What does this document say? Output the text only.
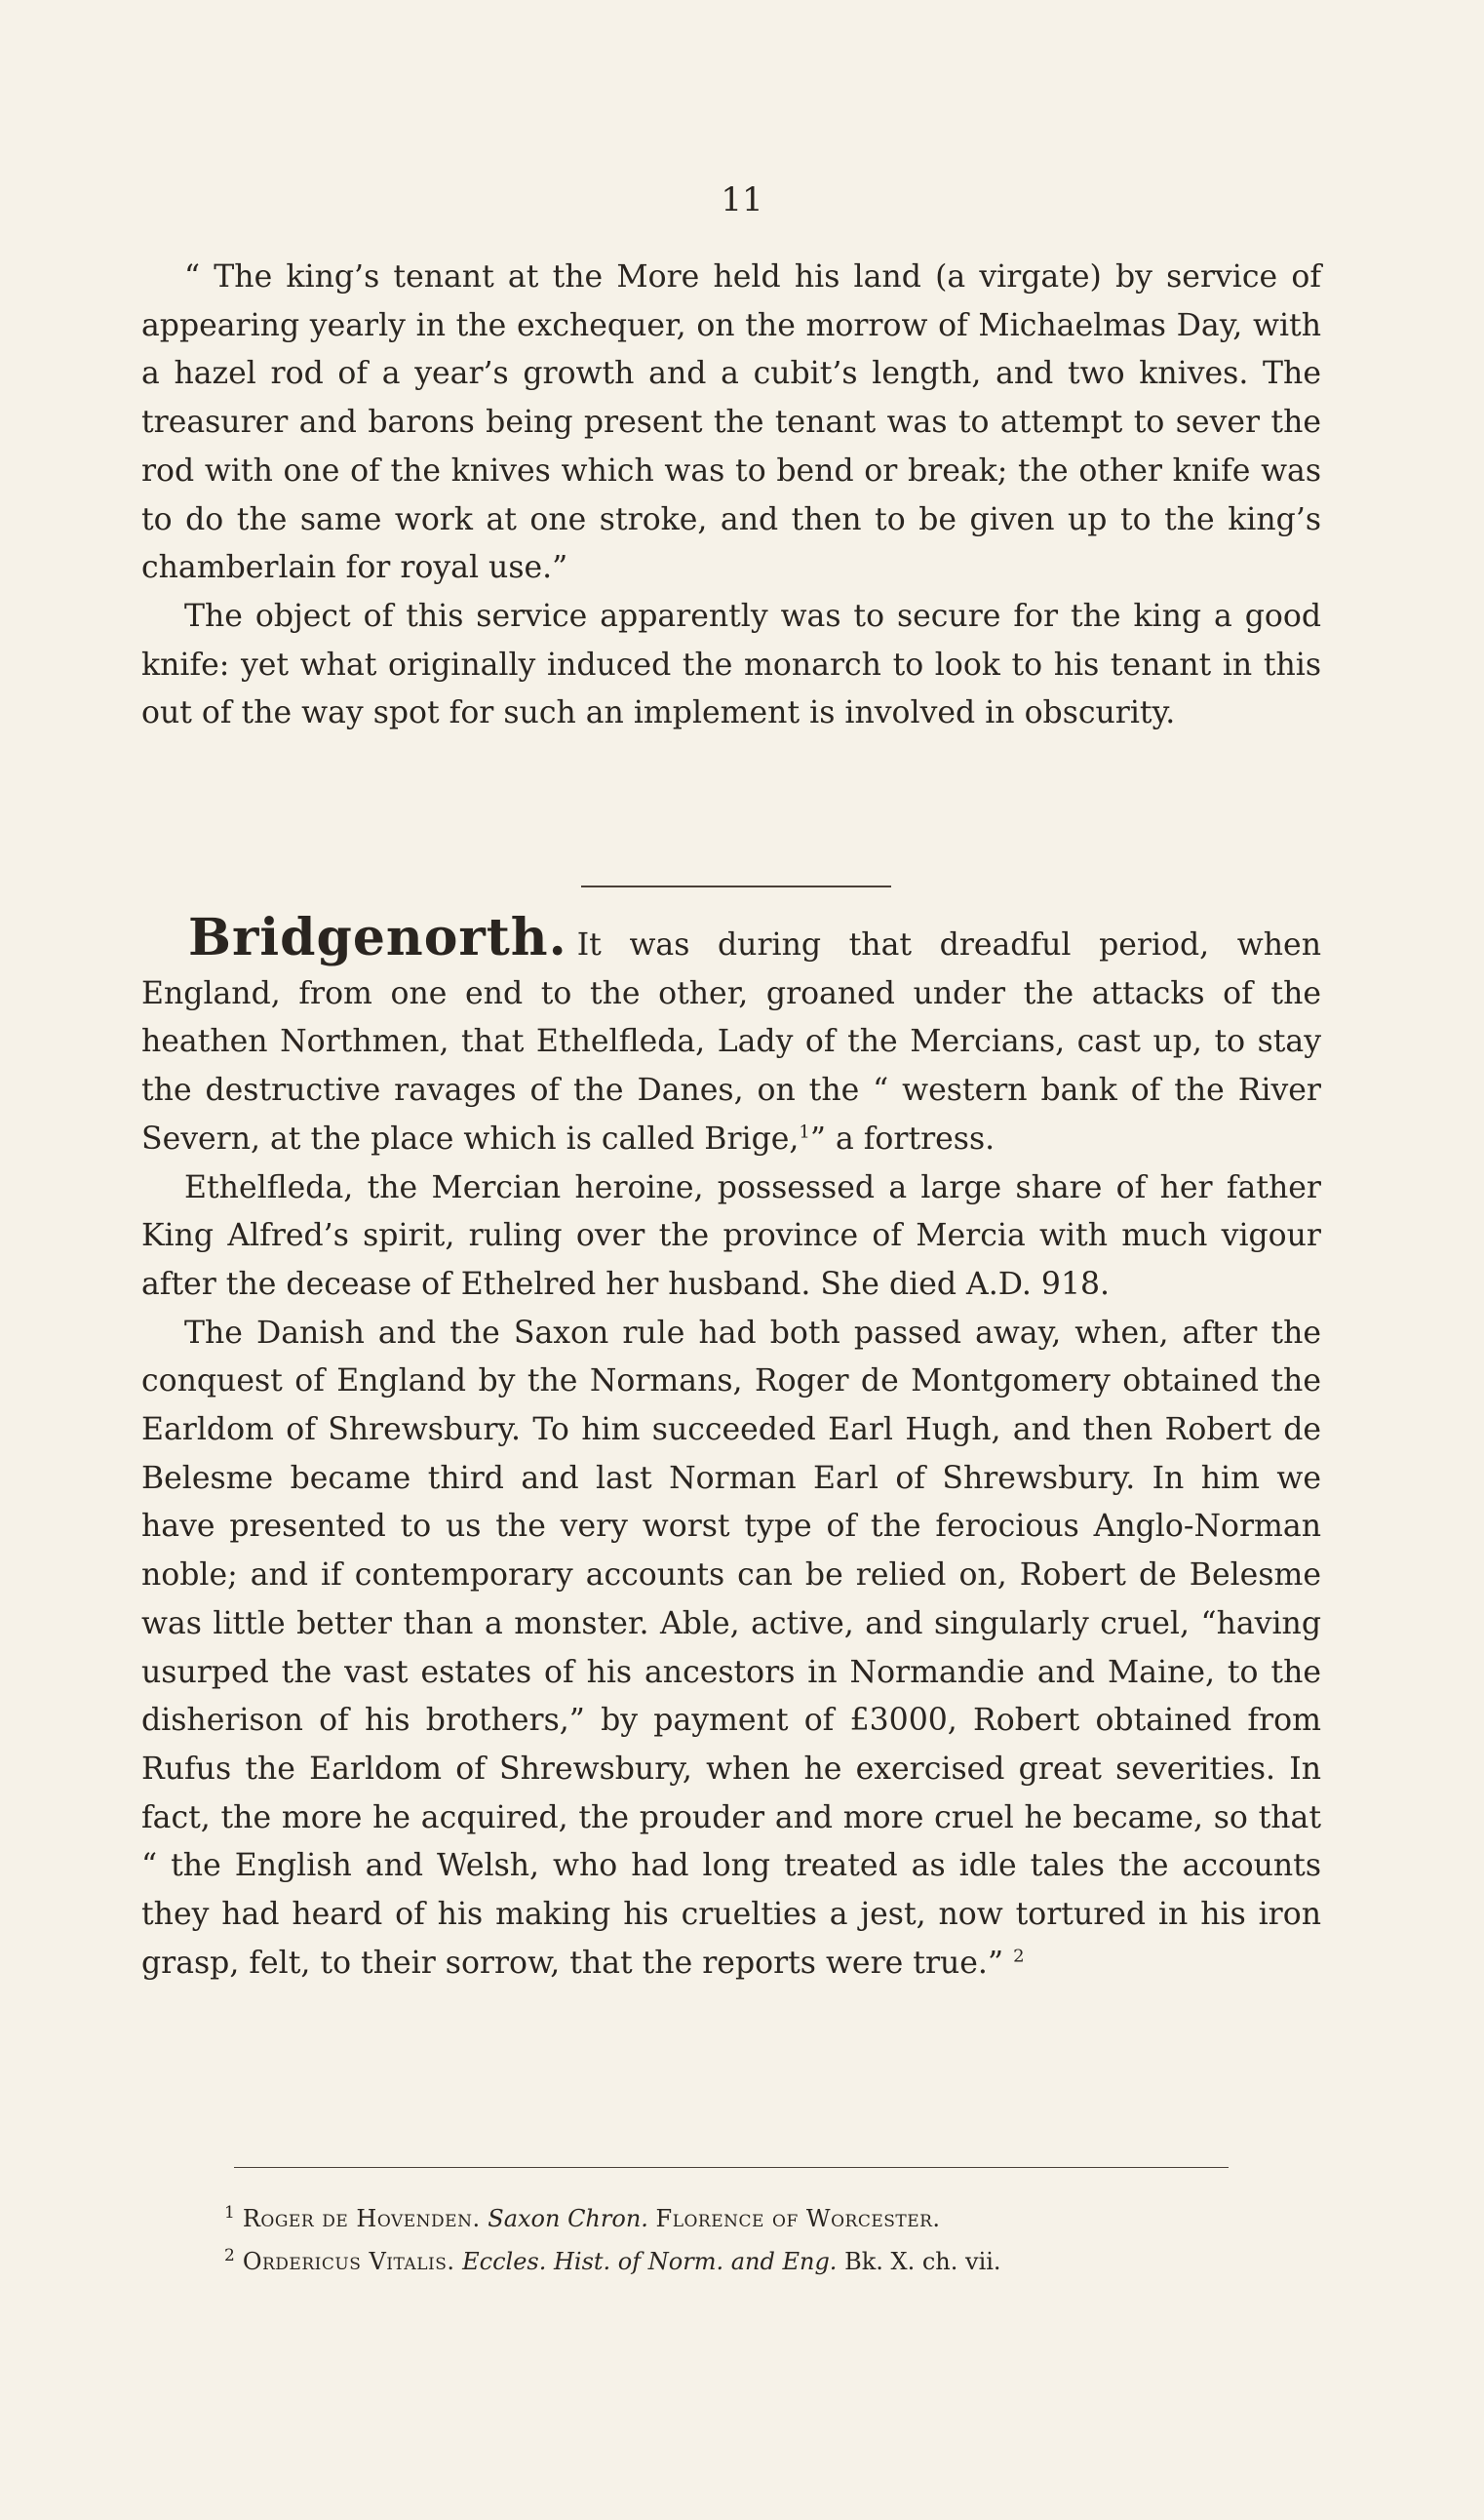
11

“ The king’s tenant at the More held his land (a virgate) by service of appearing yearly in the exchequer, on the morrow of Michaelmas Day, with a hazel rod of a year’s growth and a cubit’s length, and two knives. The treasurer and barons being present the tenant was to attempt to sever the rod with one of the knives which was to bend or break; the other knife was to do the same work at one stroke, and then to be given up to the king’s chamberlain for royal use.”

The object of this service apparently was to secure for the king a good knife: yet what originally induced the monarch to look to his tenant in this out of the way spot for such an implement is involved in obscurity.

Bridgenorth. It was during that dreadful period, when England, from one end to the other, groaned under the attacks of the heathen Northmen, that Ethelfleda, Lady of the Mercians, cast up, to stay the destructive ravages of the Danes, on the “ western bank of the River Severn, at the place which is called Brige,$^1$” a fortress.

Ethelfleda, the Mercian heroine, possessed a large share of her father King Alfred’s spirit, ruling over the province of Mercia with much vigour after the decease of Ethelred her husband. She died A.D. 918.

The Danish and the Saxon rule had both passed away, when, after the conquest of England by the Normans, Roger de Montgomery obtained the Earldom of Shrewsbury. To him succeeded Earl Hugh, and then Robert de Belesme became third and last Norman Earl of Shrewsbury. In him we have presented to us the very worst type of the ferocious Anglo-Norman noble; and if contemporary accounts can be relied on, Robert de Belesme was little better than a monster. Able, active, and singularly cruel, “having usurped the vast estates of his ancestors in Normandie and Maine, to the disherison of his brothers,” by payment of £3000, Robert obtained from Rufus the Earldom of Shrewsbury, when he exercised great severities. In fact, the more he acquired, the prouder and more cruel he became, so that “ the English and Welsh, who had long treated as idle tales the accounts they had heard of his making his cruelties a jest, now tortured in his iron grasp, felt, to their sorrow, that the reports were true.” $^2$

$^1$ Roger de Hovenden. Saxon Chron. Florence of Worcester.
$^2$ Ordericus Vitalis. Eccles. Hist. of Norm. and Eng. Bk. X. ch. vii.
